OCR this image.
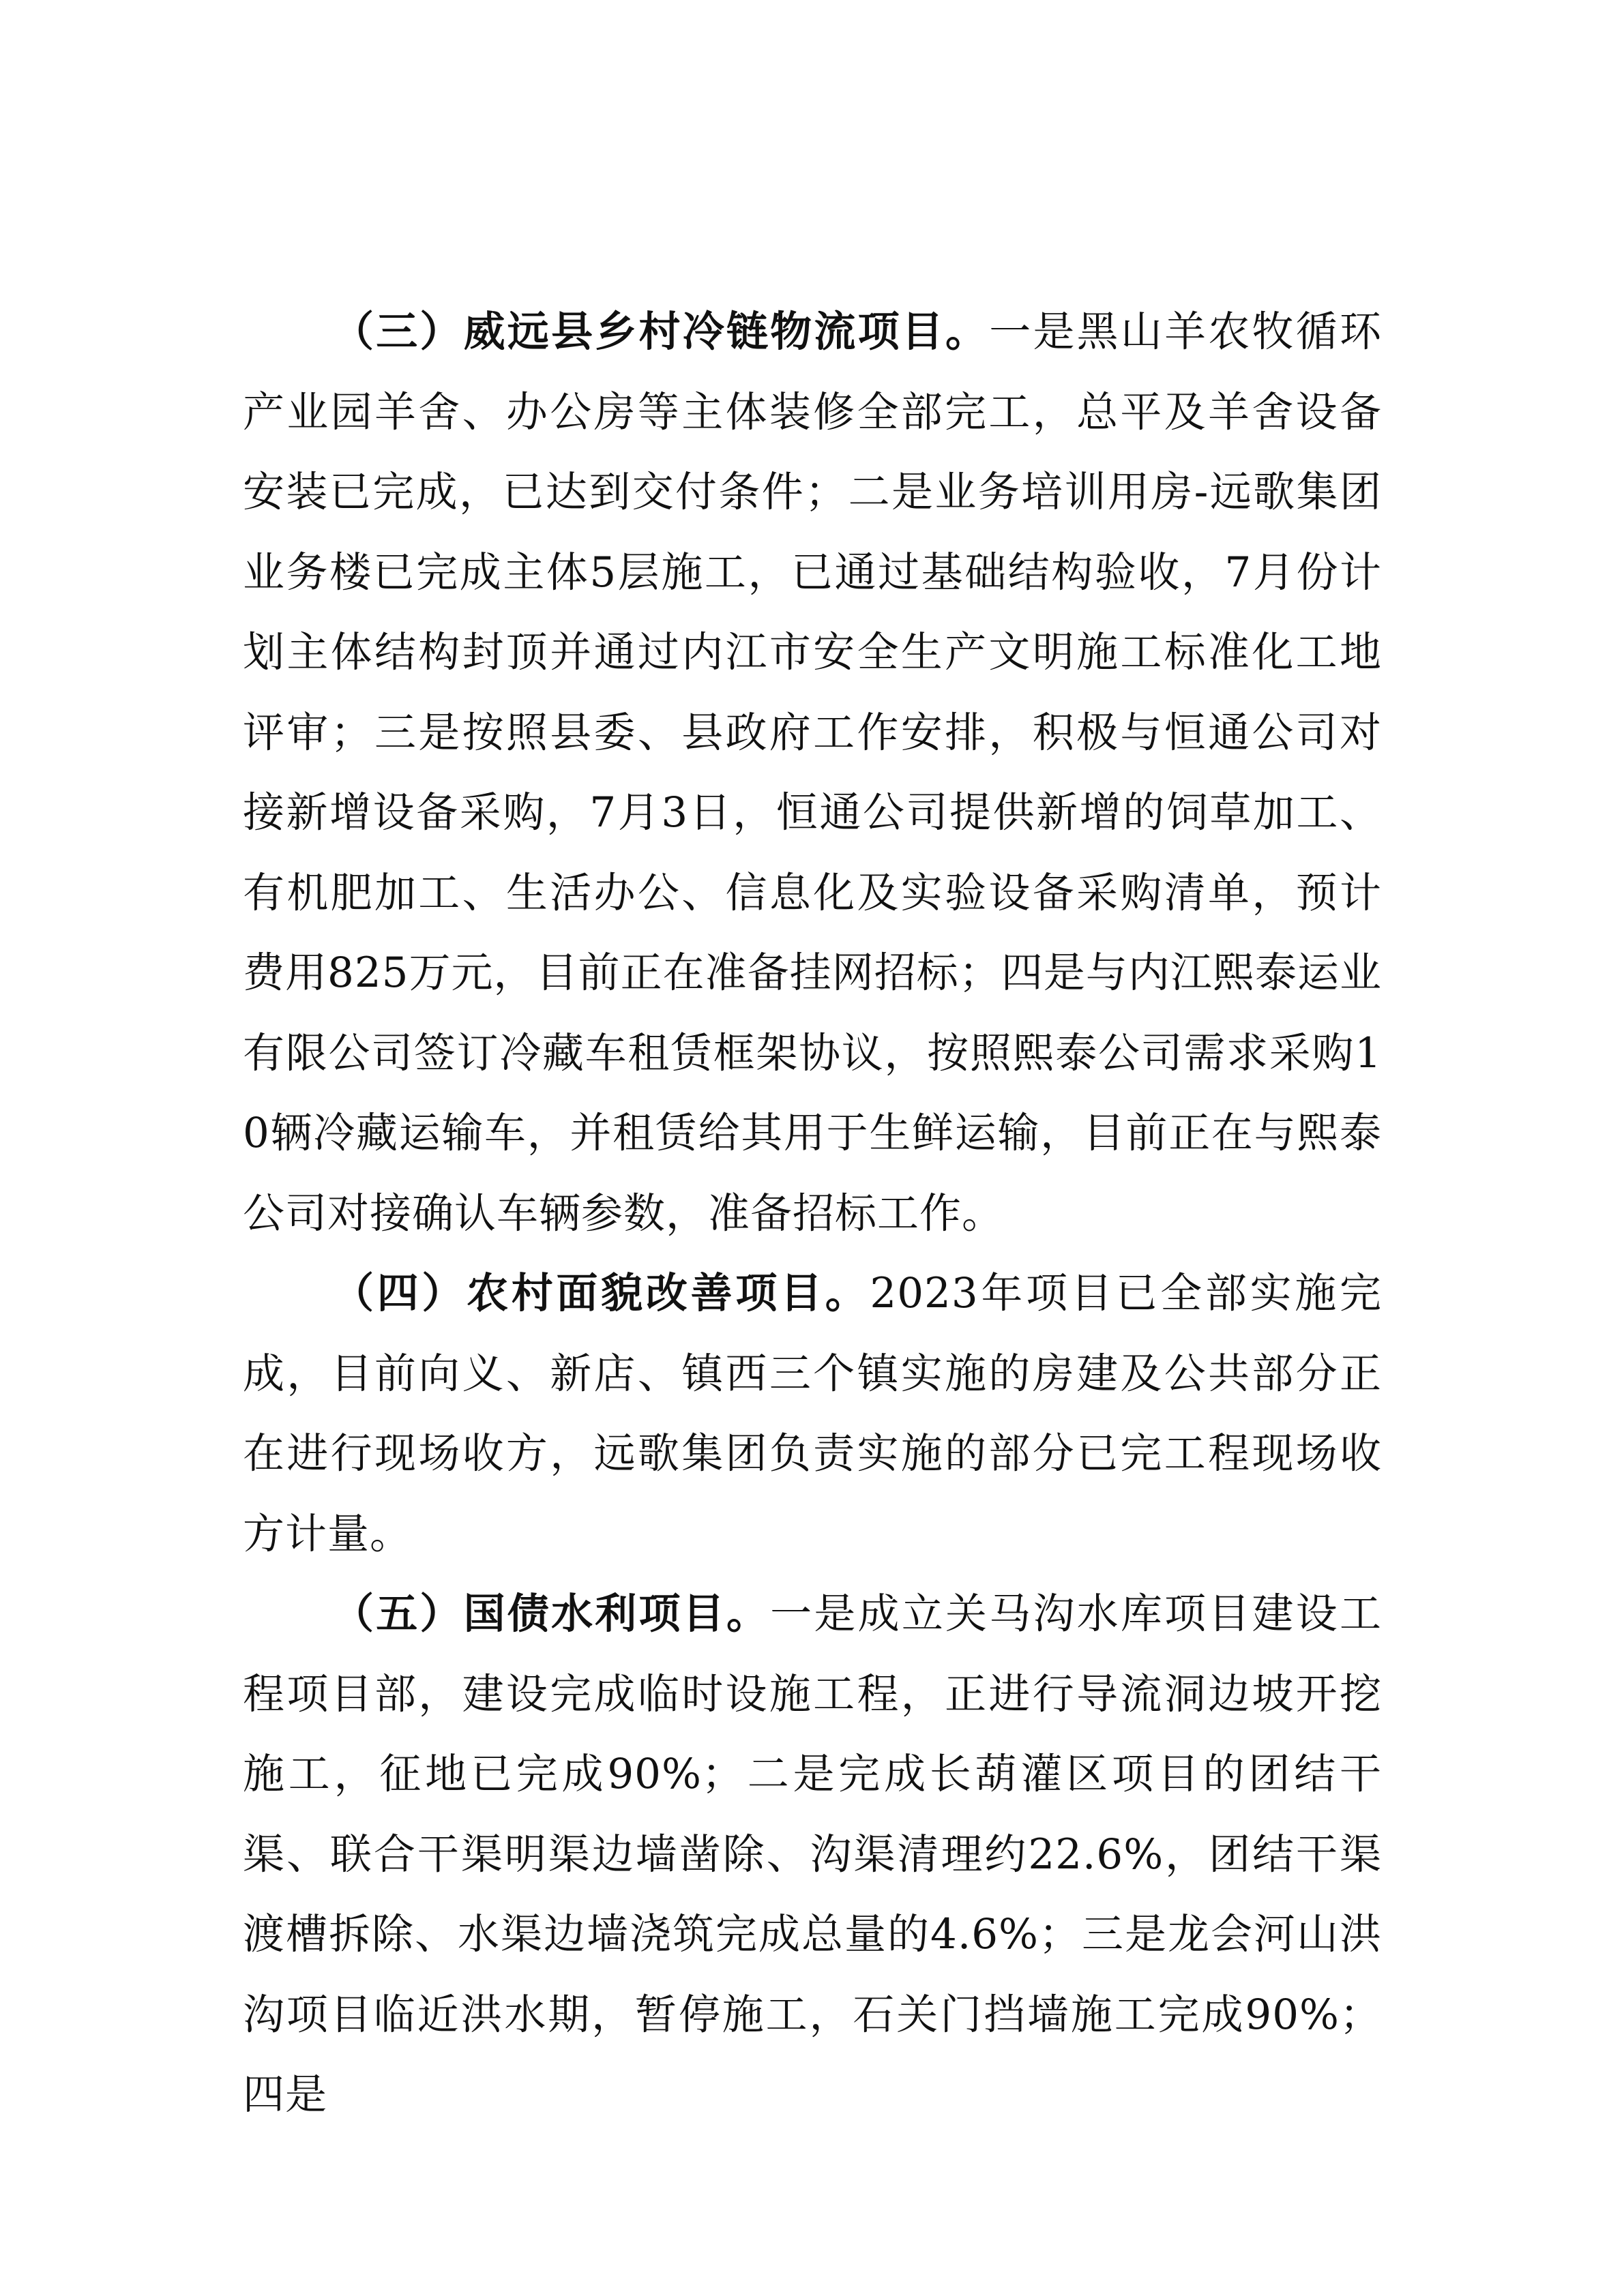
（三）威远县乡村冷链物流项目。一是黑山羊农牧循环产业园羊舍、办公房等主体装修全部完工，总平及羊舍设备安装已完成，已达到交付条件；二是业务培训用房-远歌集团业务楼已完成主体5层施工，已通过基础结构验收，7月份计划主体结构封顶并通过内江市安全生产文明施工标准化工地评审；三是按照县委、县政府工作安排，积极与恒通公司对接新增设备采购，7月3日，恒通公司提供新增的饲草加工、有机肥加工、生活办公、信息化及实验设备采购清单，预计费用825万元，目前正在准备挂网招标；四是与内江熙泰运业有限公司签订冷藏车租赁框架协议，按照熙泰公司需求采购10辆冷藏运输车，并租赁给其用于生鲜运输，目前正在与熙泰公司对接确认车辆参数，准备招标工作。

（四）农村面貌改善项目。2023年项目已全部实施完成，目前向义、新店、镇西三个镇实施的房建及公共部分正在进行现场收方，远歌集团负责实施的部分已完工程现场收方计量。

（五）国债水利项目。一是成立关马沟水库项目建设工程项目部，建设完成临时设施工程，正进行导流洞边坡开挖施工，征地已完成90%；二是完成长葫灌区项目的团结干渠、联合干渠明渠边墙凿除、沟渠清理约22.6%，团结干渠渡槽拆除、水渠边墙浇筑完成总量的4.6%；三是龙会河山洪沟项目临近洪水期，暂停施工，石关门挡墙施工完成90%；四是
